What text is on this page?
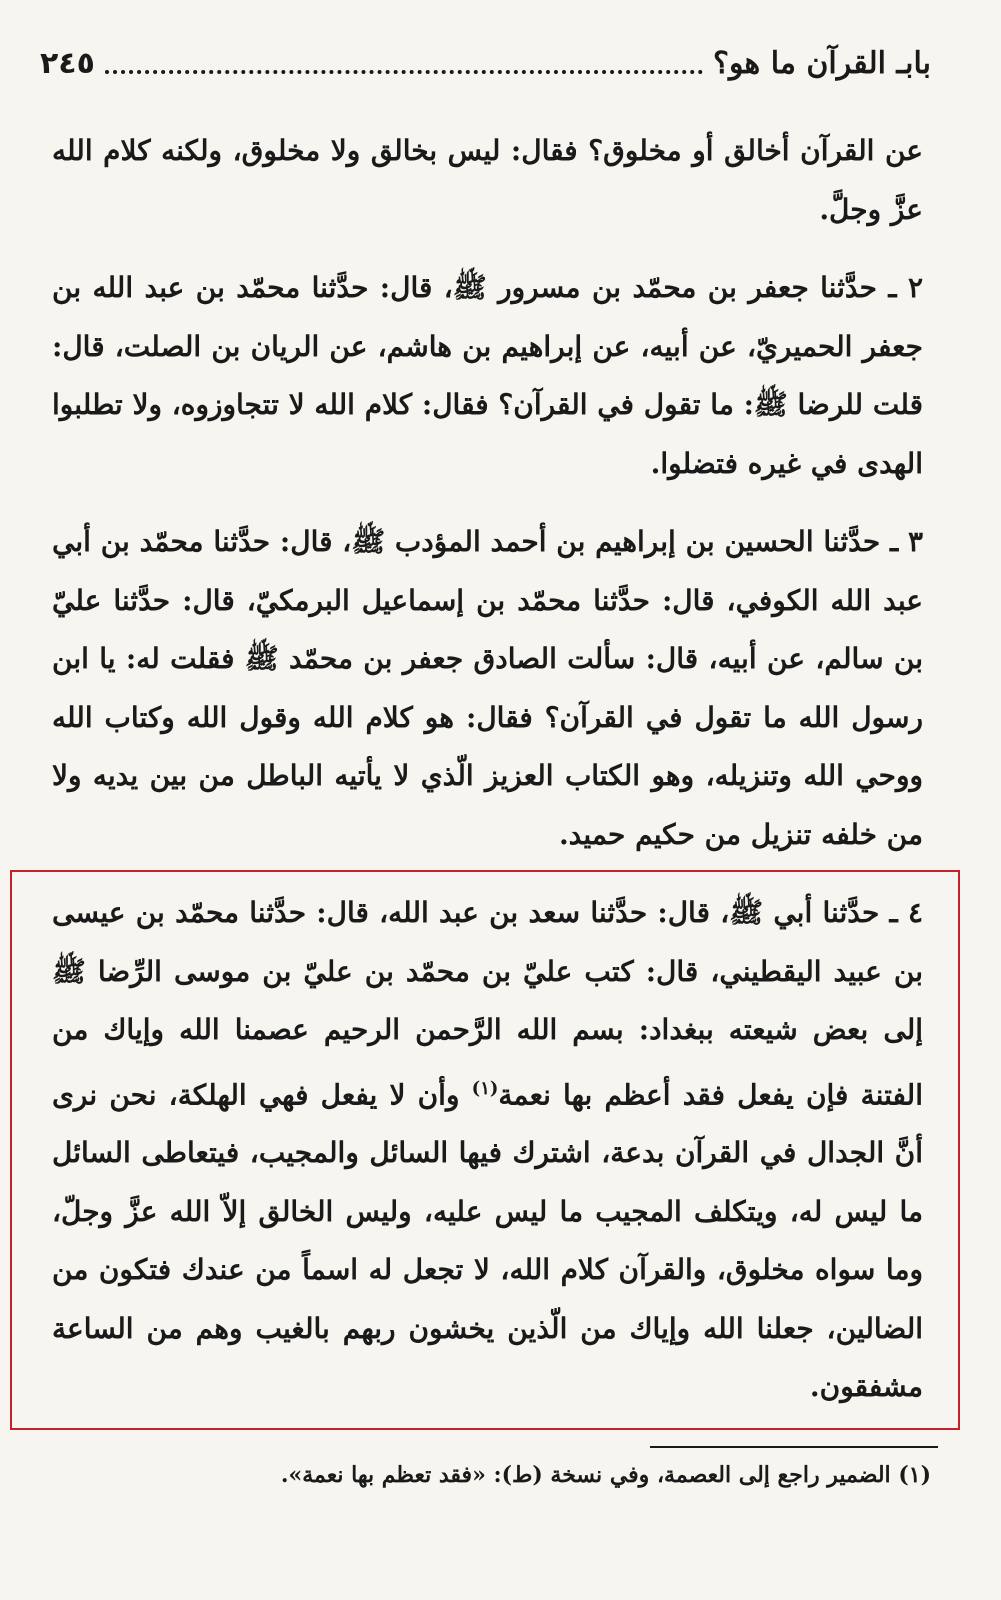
بابـ القرآن ما هو؟
٢٤٥

عن القرآن أخالق أو مخلوق؟ فقال: ليس بخالق ولا مخلوق، ولكنه كلام الله عزَّ وجلَّ.

٢ ـ حدَّثنا جعفر بن محمّد بن مسرور ﷺ، قال: حدَّثنا محمّد بن عبد الله بن جعفر الحميريّ، عن أبيه، عن إبراهيم بن هاشم، عن الريان بن الصلت، قال: قلت للرضا ﷺ: ما تقول في القرآن؟ فقال: كلام الله لا تتجاوزوه، ولا تطلبوا الهدى في غيره فتضلوا.

٣ ـ حدَّثنا الحسين بن إبراهيم بن أحمد المؤدب ﷺ، قال: حدَّثنا محمّد بن أبي عبد الله الكوفي، قال: حدَّثنا محمّد بن إسماعيل البرمكيّ، قال: حدَّثنا عليّ بن سالم، عن أبيه، قال: سألت الصادق جعفر بن محمّد ﷺ فقلت له: يا ابن رسول الله ما تقول في القرآن؟ فقال: هو كلام الله وقول الله وكتاب الله ووحي الله وتنزيله، وهو الكتاب العزيز الّذي لا يأتيه الباطل من بين يديه ولا من خلفه تنزيل من حكيم حميد.

٤ ـ حدَّثنا أبي ﷺ، قال: حدَّثنا سعد بن عبد الله، قال: حدَّثنا محمّد بن عيسى بن عبيد اليقطيني، قال: كتب عليّ بن محمّد بن عليّ بن موسى الرِّضا ﷺ إلى بعض شيعته ببغداد: بسم الله الرَّحمن الرحيم عصمنا الله وإياك من الفتنة فإن يفعل فقد أعظم بها نعمة$^{(١)}$ وأن لا يفعل فهي الهلكة، نحن نرى أنَّ الجدال في القرآن بدعة، اشترك فيها السائل والمجيب، فيتعاطى السائل ما ليس له، ويتكلف المجيب ما ليس عليه، وليس الخالق إلاّ الله عزَّ وجلّ، وما سواه مخلوق، والقرآن كلام الله، لا تجعل له اسماً من عندك فتكون من الضالين، جعلنا الله وإياك من الّذين يخشون ربهم بالغيب وهم من الساعة مشفقون.

(١) الضمير راجع إلى العصمة، وفي نسخة (ط): «فقد تعظم بها نعمة».
